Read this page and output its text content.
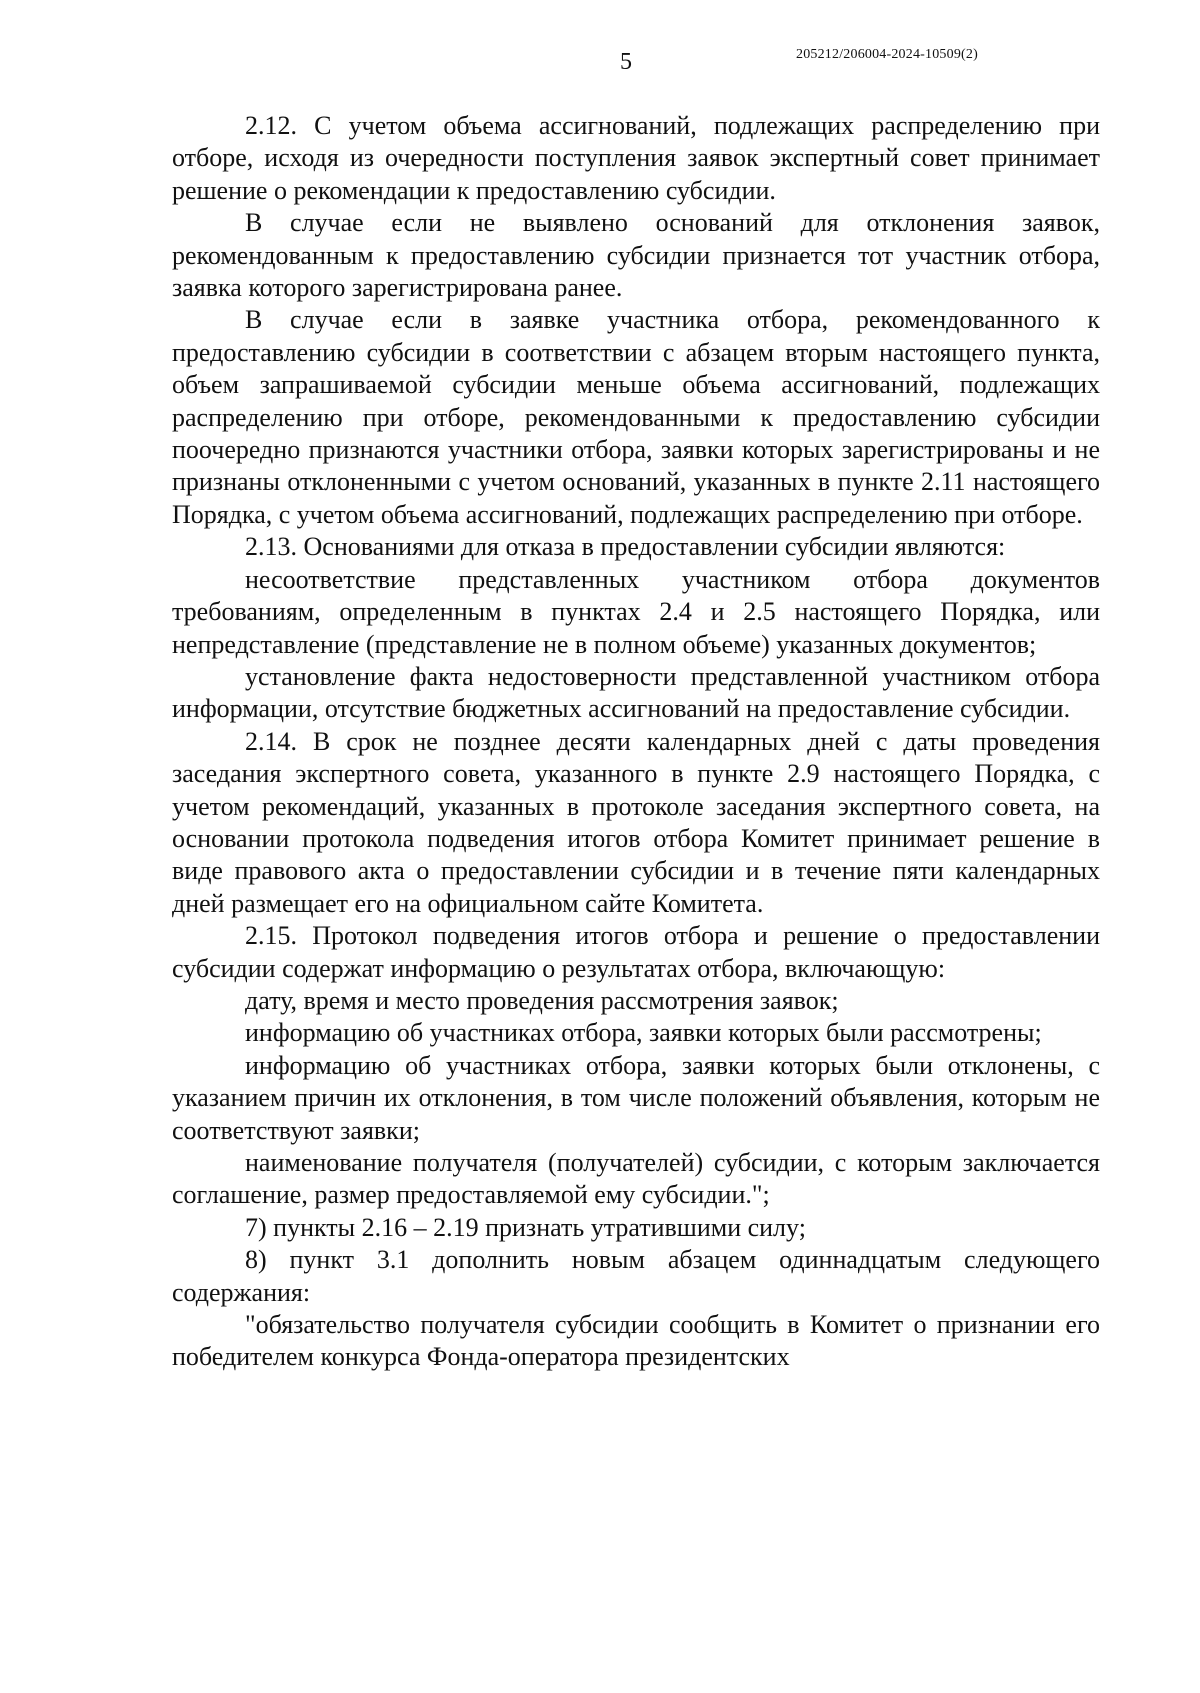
5	205212/206004-2024-10509(2)

2.12. С учетом объема ассигнований, подлежащих распределению при отборе, исходя из очередности поступления заявок экспертный совет принимает решение о рекомендации к предоставлению субсидии.

В случае если не выявлено оснований для отклонения заявок, рекомендованным к предоставлению субсидии признается тот участник отбора, заявка которого зарегистрирована ранее.

В случае если в заявке участника отбора, рекомендованного к предоставлению субсидии в соответствии с абзацем вторым настоящего пункта, объем запрашиваемой субсидии меньше объема ассигнований, подлежащих распределению при отборе, рекомендованными к предоставлению субсидии поочередно признаются участники отбора, заявки которых зарегистрированы и не признаны отклоненными с учетом оснований, указанных в пункте 2.11 настоящего Порядка, с учетом объема ассигнований, подлежащих распределению при отборе.

2.13. Основаниями для отказа в предоставлении субсидии являются:

несоответствие представленных участником отбора документов требованиям, определенным в пунктах 2.4 и 2.5 настоящего Порядка, или непредставление (представление не в полном объеме) указанных документов;

установление факта недостоверности представленной участником отбора информации, отсутствие бюджетных ассигнований на предоставление субсидии.

2.14. В срок не позднее десяти календарных дней с даты проведения заседания экспертного совета, указанного в пункте 2.9 настоящего Порядка, с учетом рекомендаций, указанных в протоколе заседания экспертного совета, на основании протокола подведения итогов отбора Комитет принимает решение в виде правового акта о предоставлении субсидии и в течение пяти календарных дней размещает его на официальном сайте Комитета.

2.15. Протокол подведения итогов отбора и решение о предоставлении субсидии содержат информацию о результатах отбора, включающую:

дату, время и место проведения рассмотрения заявок;

информацию об участниках отбора, заявки которых были рассмотрены;

информацию об участниках отбора, заявки которых были отклонены, с указанием причин их отклонения, в том числе положений объявления, которым не соответствуют заявки;

наименование получателя (получателей) субсидии, с которым заключается соглашение, размер предоставляемой ему субсидии.";

7) пункты 2.16 – 2.19 признать утратившими силу;

8) пункт 3.1 дополнить новым абзацем одиннадцатым следующего содержания:

"обязательство получателя субсидии сообщить в Комитет о признании его победителем конкурса Фонда-оператора президентских
